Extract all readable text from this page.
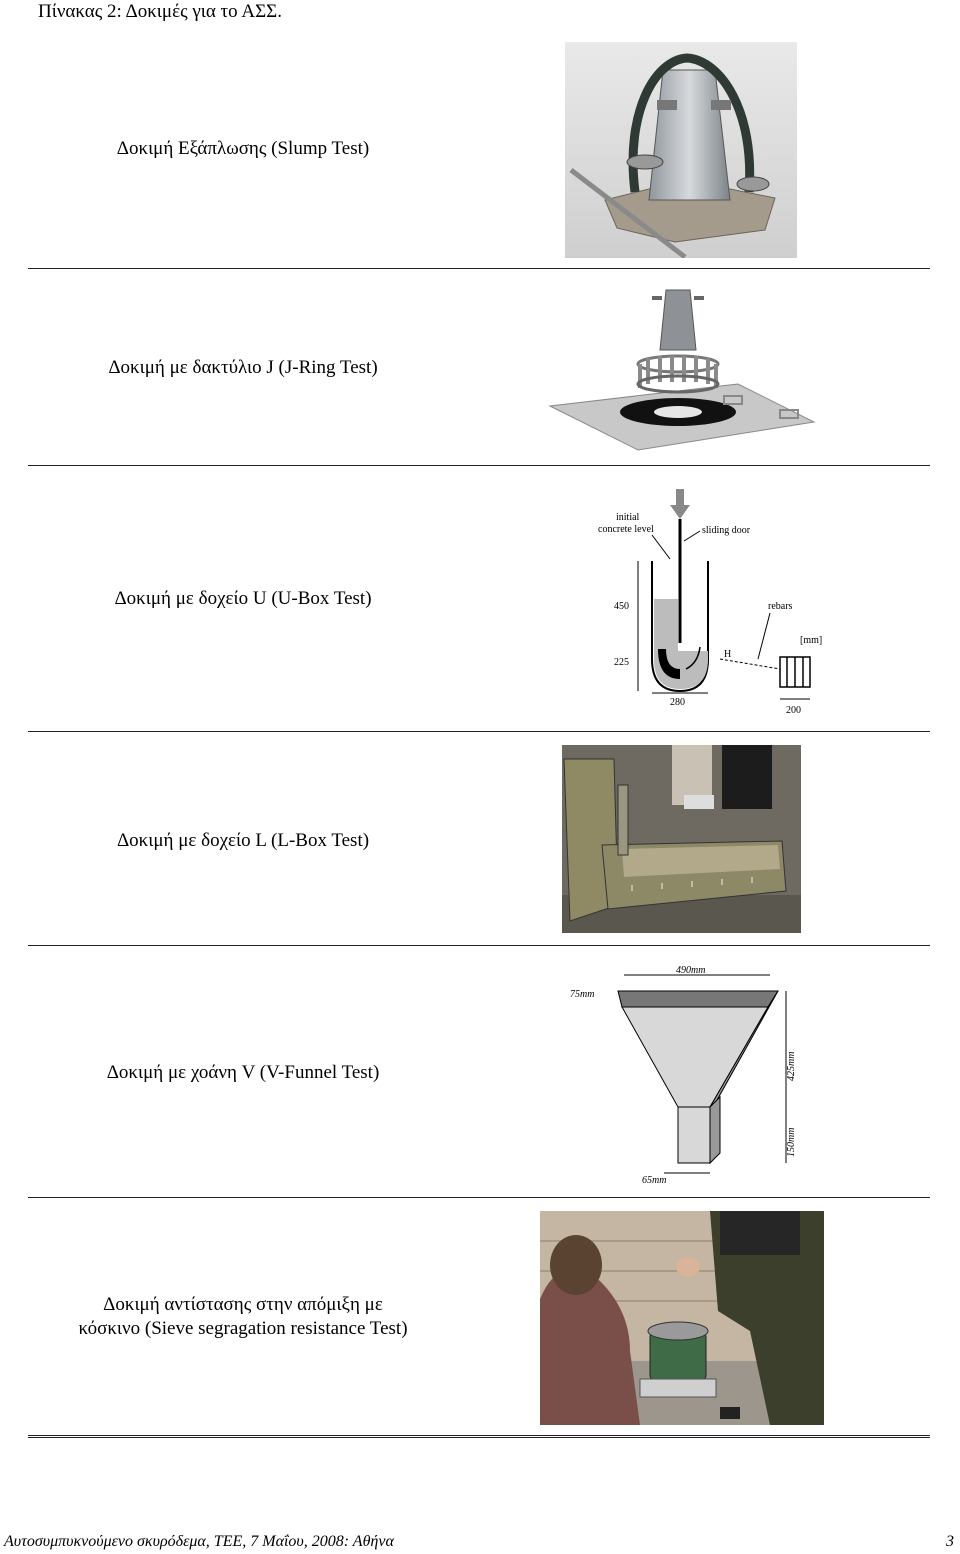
Πίνακας 2: Δοκιμές για το ΑΣΣ.
Δοκιμή Εξάπλωσης (Slump Test)
Δοκιμή με δακτύλιο J (J-Ring Test)
Δοκιμή με δοχείο U (U-Box Test)
initial
concrete level	sliding door
450
225
280
H
rebars
[mm]
200
Δοκιμή με δοχείο L (L-Box Test)
Δοκιμή με χοάνη V (V-Funnel Test)
490mm
75mm
425mm
150mm
65mm
Δοκιμή αντίστασης στην απόμιξη με
κόσκινο (Sieve segragation resistance Test)
Αυτοσυμπυκνούμενο σκυρόδεμα, ΤΕΕ, 7 Μαΐου, 2008: Αθήνα	3
